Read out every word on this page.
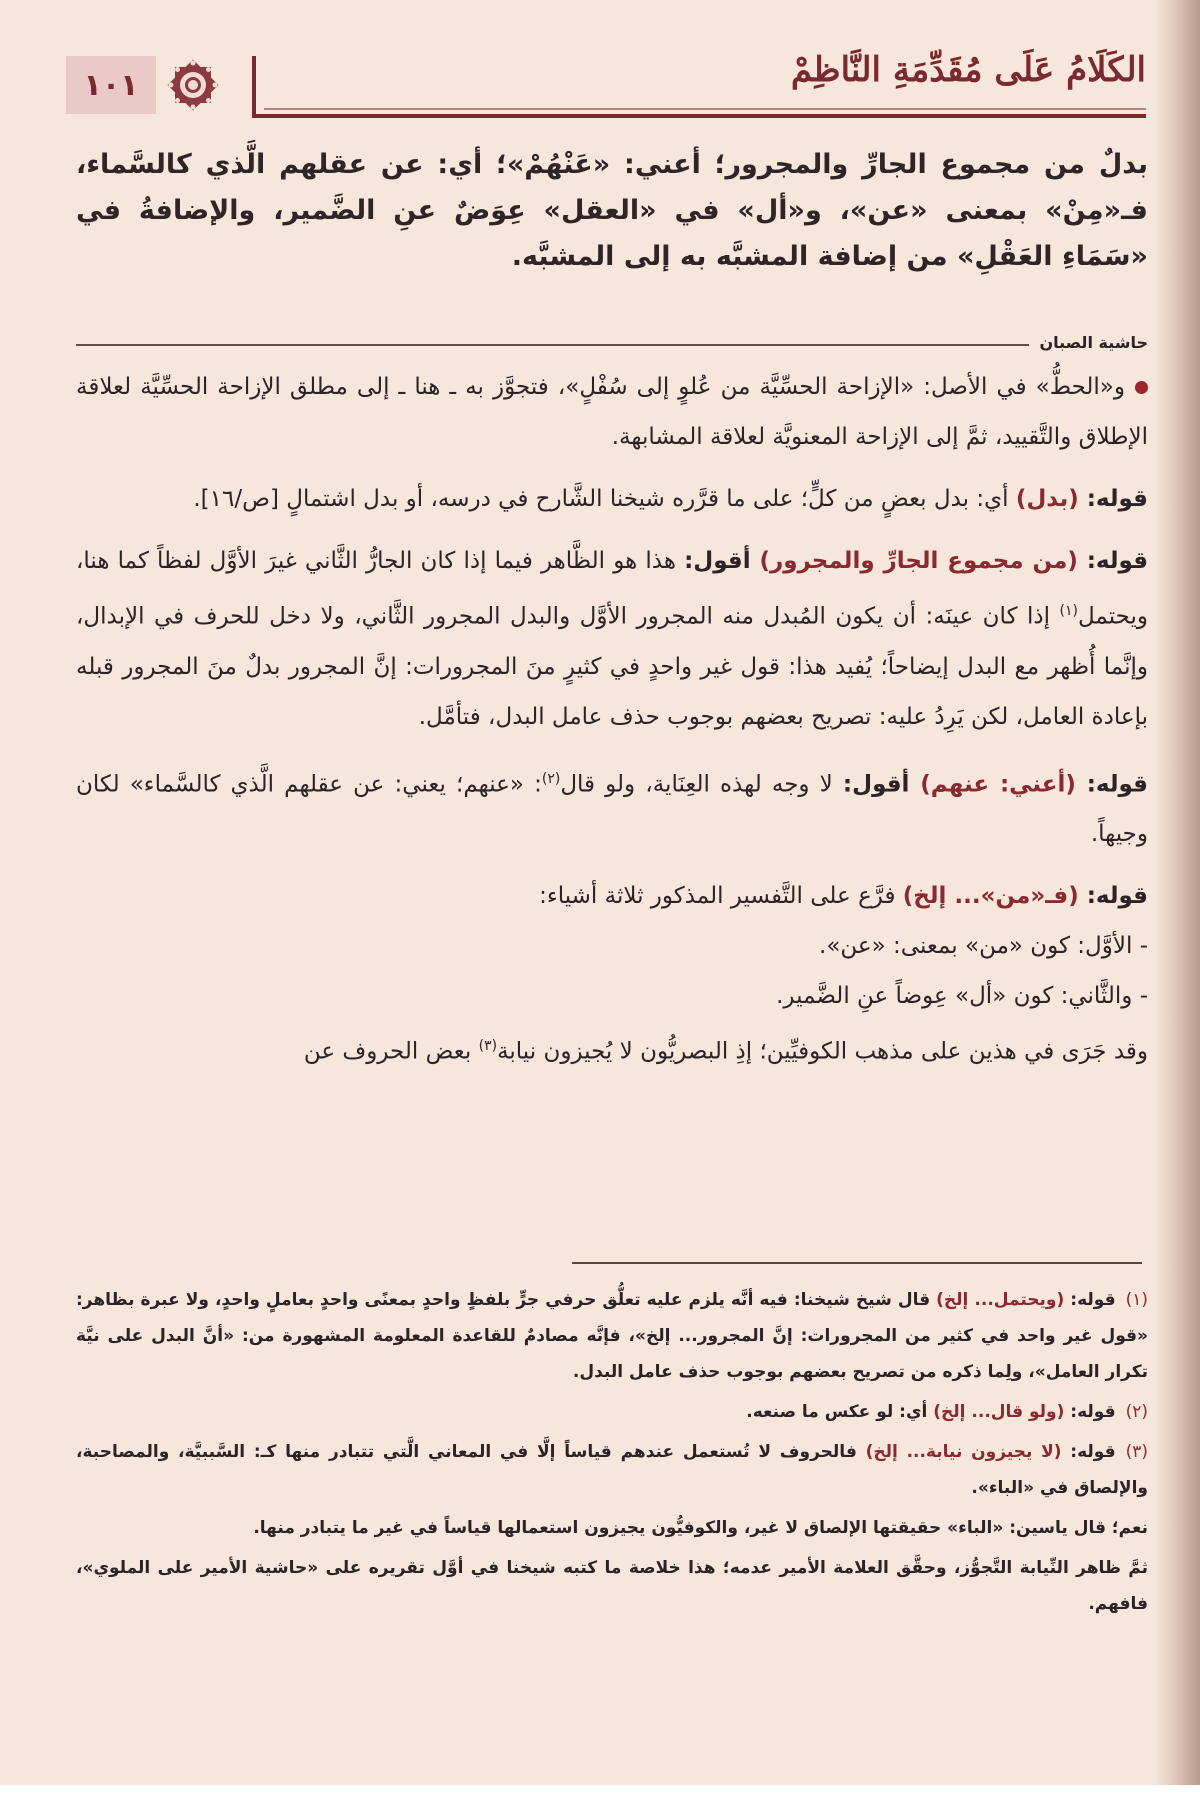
١٠١	الكَلَامُ عَلَى مُقَدِّمَةِ النَّاظِمْ
بدلٌ من مجموع الجارِّ والمجرور؛ أعني: «عَنْهُمْ»؛ أي: عن عقلهم الَّذي كالسَّماء، فـ«مِنْ» بمعنى «عن»، و«أل» في «العقل» عِوَضٌ عنِ الضَّمير، والإضافةُ في «سَمَاءِ العَقْلِ» من إضافة المشبَّه به إلى المشبَّه.
حاشية الصبان

و«الحطُّ» في الأصل: «الإزاحة الحسِّيَّة من عُلوٍ إلى سُفْلٍ»، فتجوَّز به ـ هنا ـ إلى مطلق الإزاحة الحسِّيَّة لعلاقة الإطلاق والتَّقييد، ثمَّ إلى الإزاحة المعنويَّة لعلاقة المشابهة.

قوله: (بدل) أي: بدل بعضٍ من كلٍّ؛ على ما قرَّره شيخنا الشَّارح في درسه، أو بدل اشتمالٍ [ص/١٦].

قوله: (من مجموع الجارِّ والمجرور) أقول: هذا هو الظَّاهر فيما إذا كان الجارُّ الثَّاني غيرَ الأوَّل لفظاً كما هنا، ويحتمل$^{(١)}$ إذا كان عينَه: أن يكون المُبدل منه المجرور الأوَّل والبدل المجرور الثَّاني، ولا دخل للحرف في الإبدال، وإنَّما أُظهر مع البدل إيضاحاً؛ يُفيد هذا: قول غير واحدٍ في كثيرٍ منَ المجرورات: إنَّ المجرور بدلٌ منَ المجرور قبله بإعادة العامل، لكن يَرِدُ عليه: تصريح بعضهم بوجوب حذف عامل البدل، فتأمَّل.

قوله: (أعني: عنهم) أقول: لا وجه لهذه العِنَاية، ولو قال$^{(٢)}$: «عنهم؛ يعني: عن عقلهم الَّذي كالسَّماء» لكان وجيهاً.

قوله: (فـ«من»... إلخ) فرَّع على التَّفسير المذكور ثلاثة أشياء:

- الأوَّل: كون «من» بمعنى: «عن».

- والثَّاني: كون «أل» عِوضاً عنِ الضَّمير.

وقد جَرَى في هذين على مذهب الكوفيِّين؛ إذِ البصريُّون لا يُجيزون نيابة$^{(٣)}$ بعض الحروف عن

(١)قوله: (ويحتمل... إلخ) قال شيخ شيخنا: فيه أنَّه يلزم عليه تعلُّق حرفي جرٍّ بلفظٍ واحدٍ بمعنًى واحدٍ بعاملٍ واحدٍ، ولا عبرة بظاهر: «قول غير واحد في كثير من المجرورات: إنَّ المجرور... إلخ»، فإنَّه مصادمٌ للقاعدة المعلومة المشهورة من: «أنَّ البدل على نيَّة تكرار العامل»، ولِما ذكره من تصريح بعضهم بوجوب حذف عامل البدل.

(٢)قوله: (ولو قال... إلخ) أي: لو عكس ما صنعه.

(٣)قوله: (لا يجيزون نيابة... إلخ) فالحروف لا تُستعمل عندهم قياساً إلَّا في المعاني الَّتي تتبادر منها كـ: السَّببيَّة، والمصاحبة، والإلصاق في «الباء».

نعم؛ قال ياسين: «الباء» حقيقتها الإلصاق لا غير، والكوفيُّون يجيزون استعمالها قياساً في غير ما يتبادر منها.

ثمَّ ظاهر النِّيابة التَّجوُّز، وحقَّق العلامة الأمير عدمه؛ هذا خلاصة ما كتبه شيخنا في أوَّل تقريره على «حاشية الأمير على الملوي»، فافهم.
